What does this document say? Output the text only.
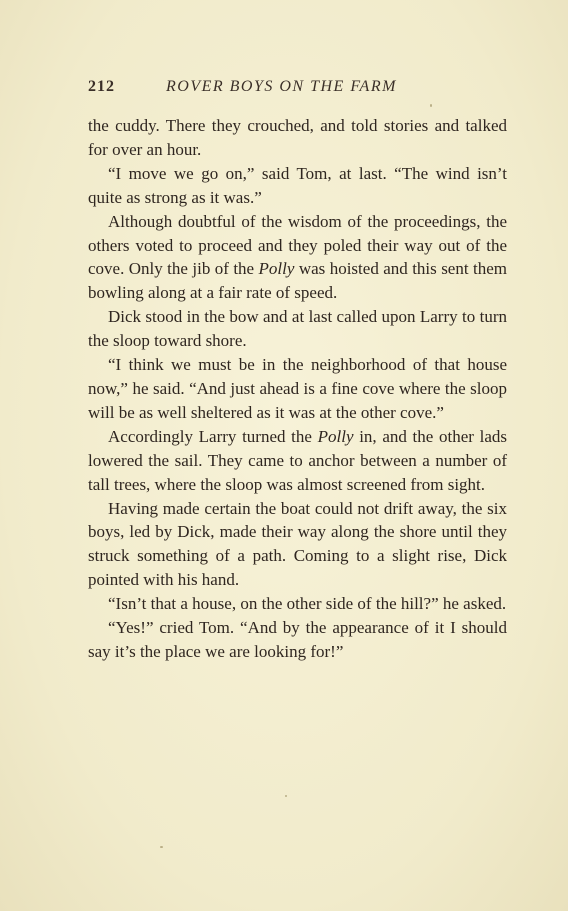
212	ROVER BOYS ON THE FARM

the cuddy. There they crouched, and told stories and talked for over an hour.

“I move we go on,” said Tom, at last. “The wind isn’t quite as strong as it was.”

Although doubtful of the wisdom of the proceedings, the others voted to proceed and they poled their way out of the cove. Only the jib of the Polly was hoisted and this sent them bowling along at a fair rate of speed.

Dick stood in the bow and at last called upon Larry to turn the sloop toward shore.

“I think we must be in the neighborhood of that house now,” he said. “And just ahead is a fine cove where the sloop will be as well sheltered as it was at the other cove.”

Accordingly Larry turned the Polly in, and the other lads lowered the sail. They came to anchor between a number of tall trees, where the sloop was almost screened from sight.

Having made certain the boat could not drift away, the six boys, led by Dick, made their way along the shore until they struck something of a path. Coming to a slight rise, Dick pointed with his hand.

“Isn’t that a house, on the other side of the hill?” he asked.

“Yes!” cried Tom. “And by the appearance of it I should say it’s the place we are looking for!”
